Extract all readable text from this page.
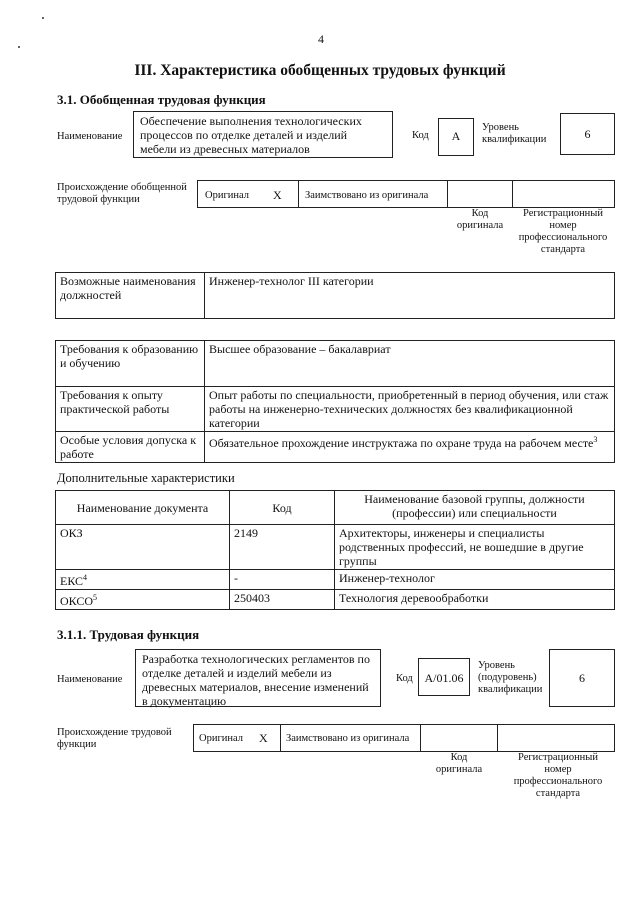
4
III. Характеристика обобщенных трудовых функций
3.1. Обобщенная трудовая функция
Наименование
Обеспечение выполнения технологических процессов по отделке деталей и изделий мебели из древесных материалов
Код	A
Уровень квалификации	6
Происхождение обобщенной трудовой функции	Оригинал X Заимствовано из оригинала
Код оригинала
Регистрационный номер профессионального стандарта
Возможные наименования должностей	Инженер-технолог III категории
Требования к образованию и обучению	Высшее образование – бакалавриат
Требования к опыту практической работы	Опыт работы по специальности, приобретенный в период обучения, или стаж работы на инженерно-технических должностях без квалификационной категории
Особые условия допуска к работе	Обязательное прохождение инструктажа по охране труда на рабочем месте$^3$
Дополнительные характеристики
Наименование документа	Код	Наименование базовой группы, должности (профессии) или специальности
ОКЗ	2149	Архитекторы, инженеры и специалисты родственных профессий, не вошедшие в другие группы
ЕКС$^4$	-	Инженер-технолог
ОКСО$^5$	250403	Технология деревообработки
3.1.1. Трудовая функция
Наименование
Разработка технологических регламентов по отделке деталей и изделий мебели из древесных материалов, внесение изменений в документацию
Код A/01.06
Уровень (подуровень) квалификации
6
Происхождение трудовой функции
Оригинал X Заимствовано из оригинала
Код оригинала
Регистрационный номер профессионального стандарта
